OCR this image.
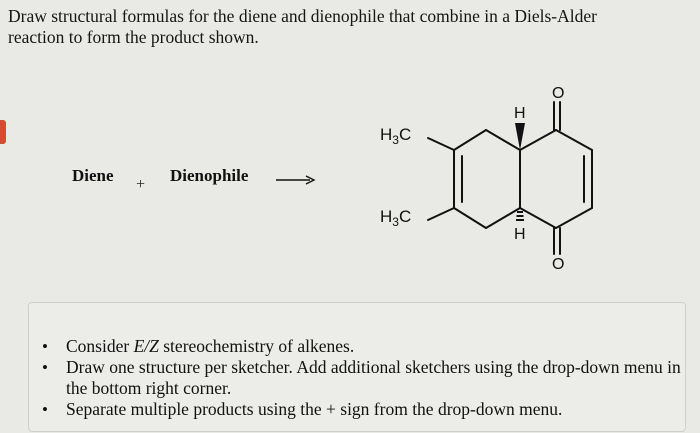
Draw structural formulas for the diene and dienophile that combine in a Diels-Alder reaction to form the product shown.
Diene + Dienophile
$H_3C$
$H_3C$
H
H
O
O
• Consider E/Z stereochemistry of alkenes.
• Draw one structure per sketcher. Add additional sketchers using the drop-down menu in the bottom right corner.
• Separate multiple products using the + sign from the drop-down menu.
